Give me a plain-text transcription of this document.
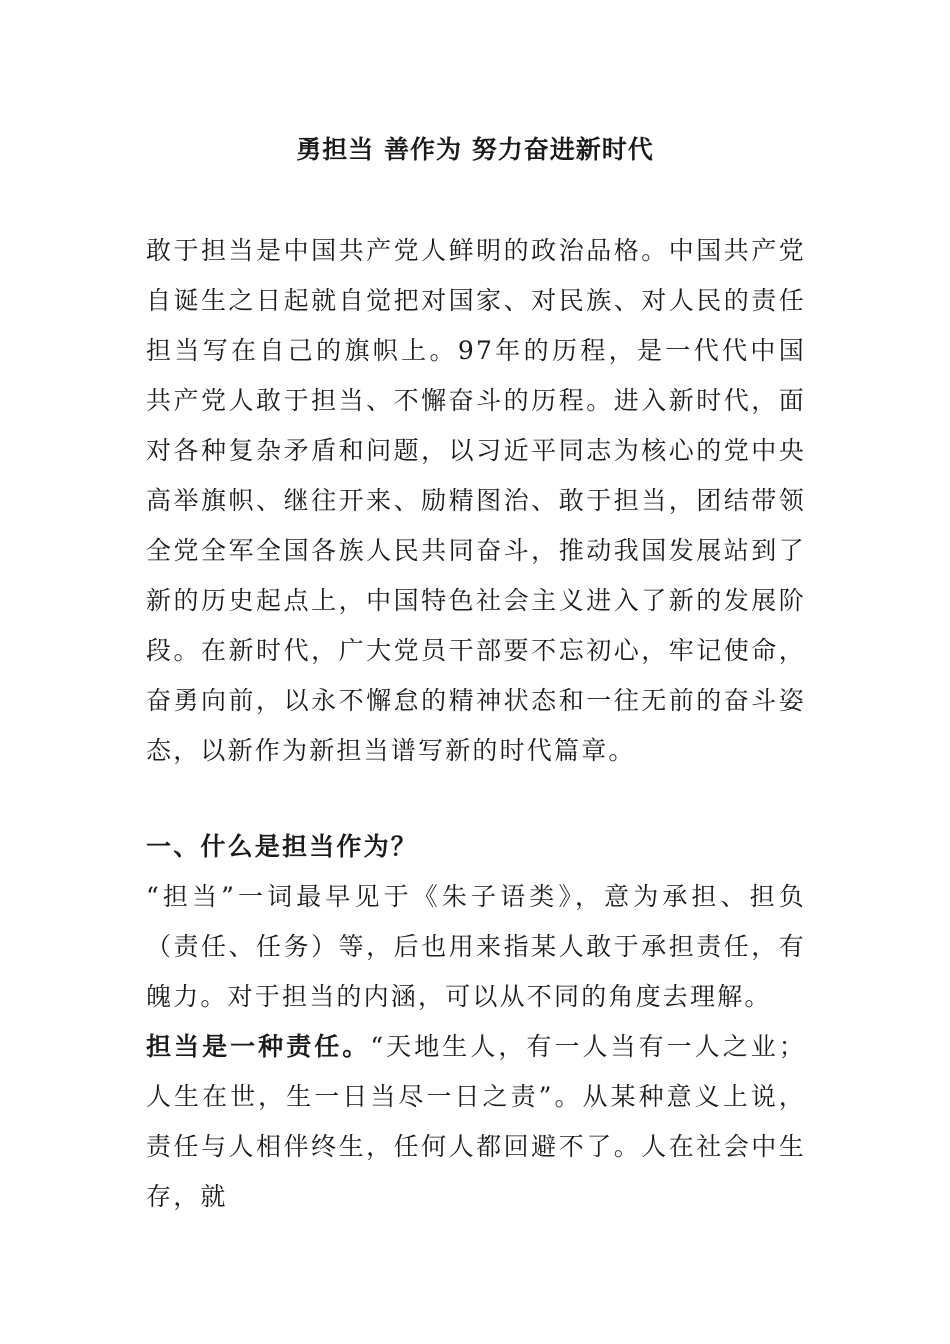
勇担当 善作为 努力奋进新时代

敢于担当是中国共产党人鲜明的政治品格。中国共产党自诞生之日起就自觉把对国家、对民族、对人民的责任担当写在自己的旗帜上。97年的历程，是一代代中国共产党人敢于担当、不懈奋斗的历程。进入新时代，面对各种复杂矛盾和问题，以习近平同志为核心的党中央高举旗帜、继往开来、励精图治、敢于担当，团结带领全党全军全国各族人民共同奋斗，推动我国发展站到了新的历史起点上，中国特色社会主义进入了新的发展阶段。在新时代，广大党员干部要不忘初心，牢记使命，奋勇向前，以永不懈怠的精神状态和一往无前的奋斗姿态，以新作为新担当谱写新的时代篇章。

一、什么是担当作为？

“担当”一词最早见于《朱子语类》，意为承担、担负（责任、任务）等，后也用来指某人敢于承担责任，有魄力。对于担当的内涵，可以从不同的角度去理解。

担当是一种责任。“天地生人，有一人当有一人之业；人生在世，生一日当尽一日之责”。从某种意义上说，责任与人相伴终生，任何人都回避不了。人在社会中生存，就
